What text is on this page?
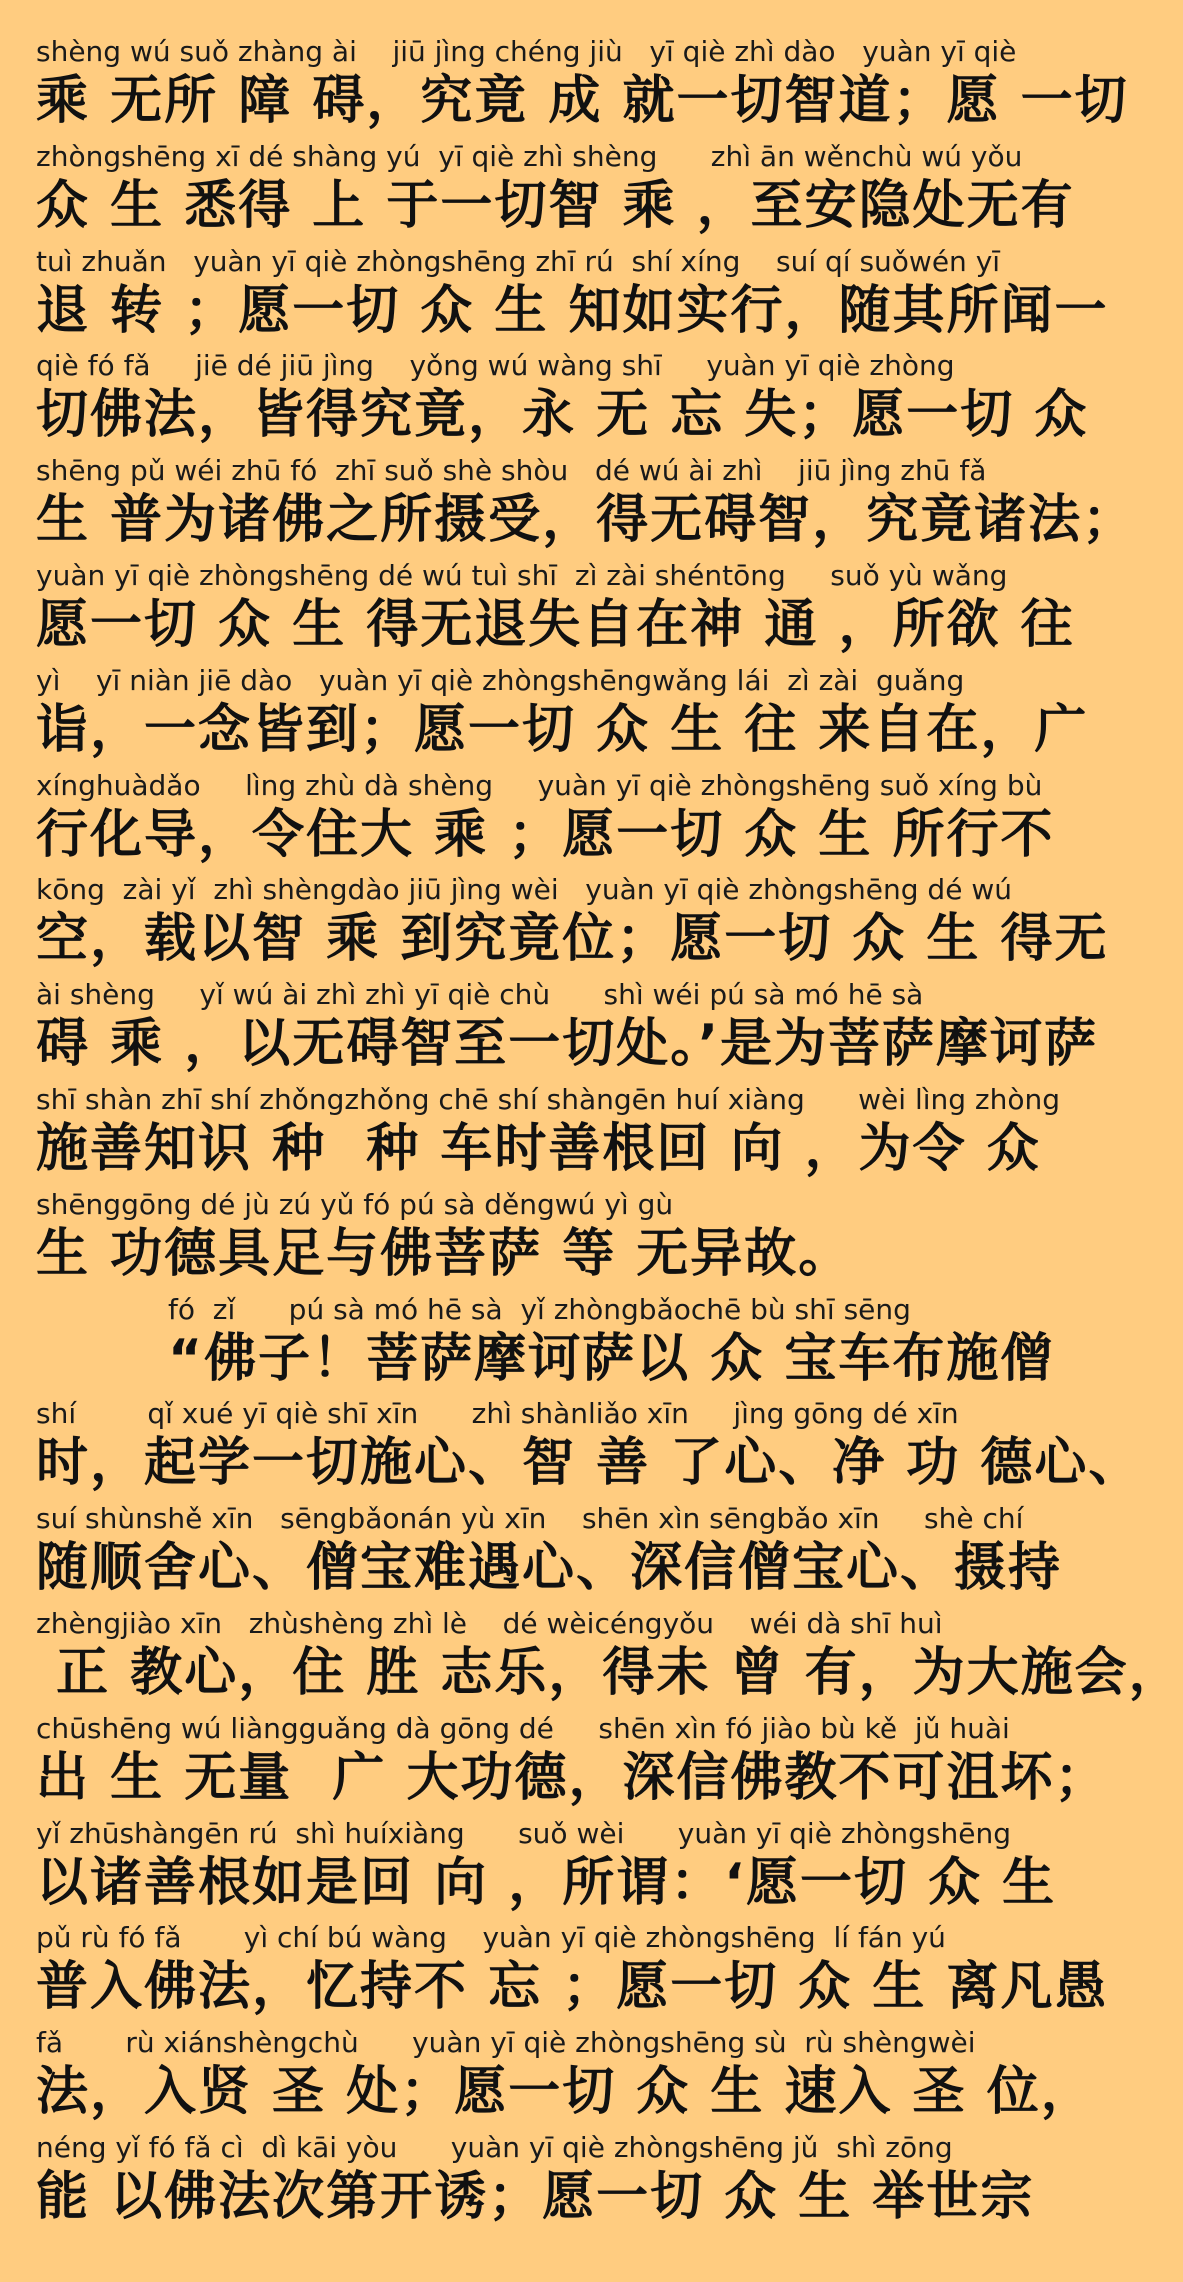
shèng wú suǒ zhàng ài    jiū jìng chéng jiù   yī qiè zhì dào   yuàn yī qiè
乘 无所 障 碍，究竟 成 就一切智道；愿 一切
zhòngshēng xī dé shàng yú  yī qiè zhì shèng      zhì ān wěnchù wú yǒu
众 生 悉得 上 于一切智 乘 ，至安隐处无有
tuì zhuǎn   yuàn yī qiè zhòngshēng zhī rú  shí xíng    suí qí suǒwén yī
退 转 ；愿一切 众 生 知如实行，随其所闻一
qiè fó fǎ     jiē dé jiū jìng    yǒng wú wàng shī     yuàn yī qiè zhòng
切佛法，皆得究竟，永 无 忘 失；愿一切 众
shēng pǔ wéi zhū fó  zhī suǒ shè shòu   dé wú ài zhì    jiū jìng zhū fǎ
生 普为诸佛之所摄受，得无碍智，究竟诸法；
yuàn yī qiè zhòngshēng dé wú tuì shī  zì zài shéntōng     suǒ yù wǎng
愿一切 众 生 得无退失自在神 通 ，所欲 往
yì    yī niàn jiē dào   yuàn yī qiè zhòngshēngwǎng lái  zì zài  guǎng
诣，一念皆到；愿一切 众 生 往 来自在，广
xínghuàdǎo     lìng zhù dà shèng     yuàn yī qiè zhòngshēng suǒ xíng bù
行化导，令住大 乘 ；愿一切 众 生 所行不
kōng  zài yǐ  zhì shèngdào jiū jìng wèi   yuàn yī qiè zhòngshēng dé wú
空，载以智 乘 到究竟位；愿一切 众 生 得无
ài shèng     yǐ wú ài zhì zhì yī qiè chù      shì wéi pú sà mó hē sà
碍 乘 ，以无碍智至一切处。’是为菩萨摩诃萨
shī shàn zhī shí zhǒngzhǒng chē shí shàngēn huí xiàng      wèi lìng zhòng
施善知识 种  种 车时善根回 向 ，为令 众
shēnggōng dé jù zú yǔ fó pú sà děngwú yì gù
生 功德具足与佛菩萨 等 无异故。
fó  zǐ      pú sà mó hē sà  yǐ zhòngbǎochē bù shī sēng
“佛子！菩萨摩诃萨以 众 宝车布施僧
shí        qǐ xué yī qiè shī xīn      zhì shànliǎo xīn     jìng gōng dé xīn
时，起学一切施心、智 善 了心、净 功 德心、
suí shùnshě xīn   sēngbǎonán yù xīn    shēn xìn sēngbǎo xīn     shè chí
随顺舍心、僧宝难遇心、深信僧宝心、摄持
zhèngjiào xīn   zhùshèng zhì lè    dé wèicéngyǒu    wéi dà shī huì
正 教心，住 胜 志乐，得未 曾 有，为大施会，
chūshēng wú liàngguǎng dà gōng dé     shēn xìn fó jiào bù kě  jǔ huài
出 生 无量  广 大功德，深信佛教不可沮坏；
yǐ zhūshàngēn rú  shì huíxiàng      suǒ wèi      yuàn yī qiè zhòngshēng
以诸善根如是回 向 ，所谓：‘愿一切 众 生
pǔ rù fó fǎ       yì chí bú wàng    yuàn yī qiè zhòngshēng  lí fán yú
普入佛法，忆持不 忘 ；愿一切 众 生 离凡愚
fǎ       rù xiánshèngchù      yuàn yī qiè zhòngshēng sù  rù shèngwèi
法，入贤 圣 处；愿一切 众 生 速入 圣 位，
néng yǐ fó fǎ cì  dì kāi yòu      yuàn yī qiè zhòngshēng jǔ  shì zōng
能 以佛法次第开诱；愿一切 众 生 举世宗
